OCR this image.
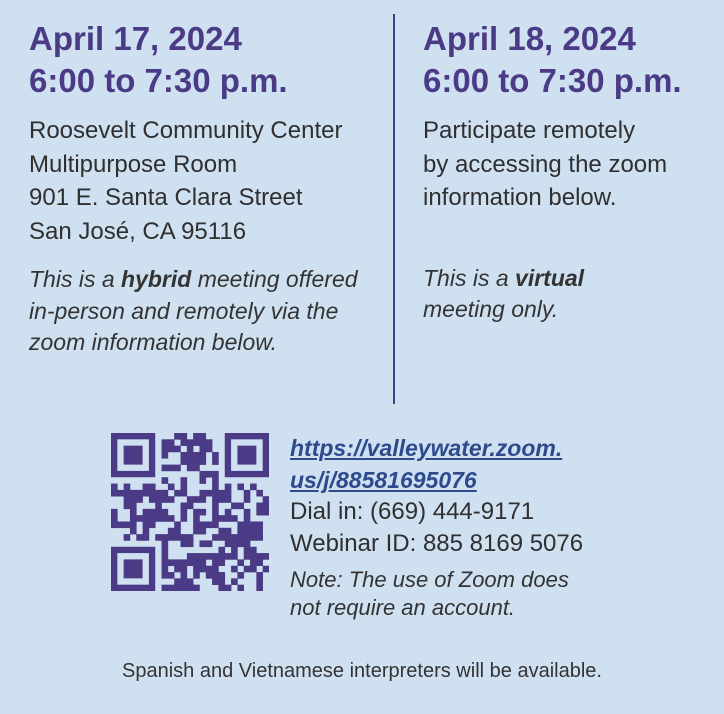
April 17, 2024
6:00 to 7:30 p.m.
Roosevelt Community Center
Multipurpose Room
901 E. Santa Clara Street
San José, CA 95116
This is a hybrid meeting offered
in-person and remotely via the
zoom information below.
April 18, 2024
6:00 to 7:30 p.m.
Participate remotely
by accessing the zoom
information below.
This is a virtual
meeting only.
https://valleywater.zoom.
us/j/88581695076
Dial in: (669) 444-9171
Webinar ID: 885 8169 5076
Note: The use of Zoom does
not require an account.
Spanish and Vietnamese interpreters will be available.
